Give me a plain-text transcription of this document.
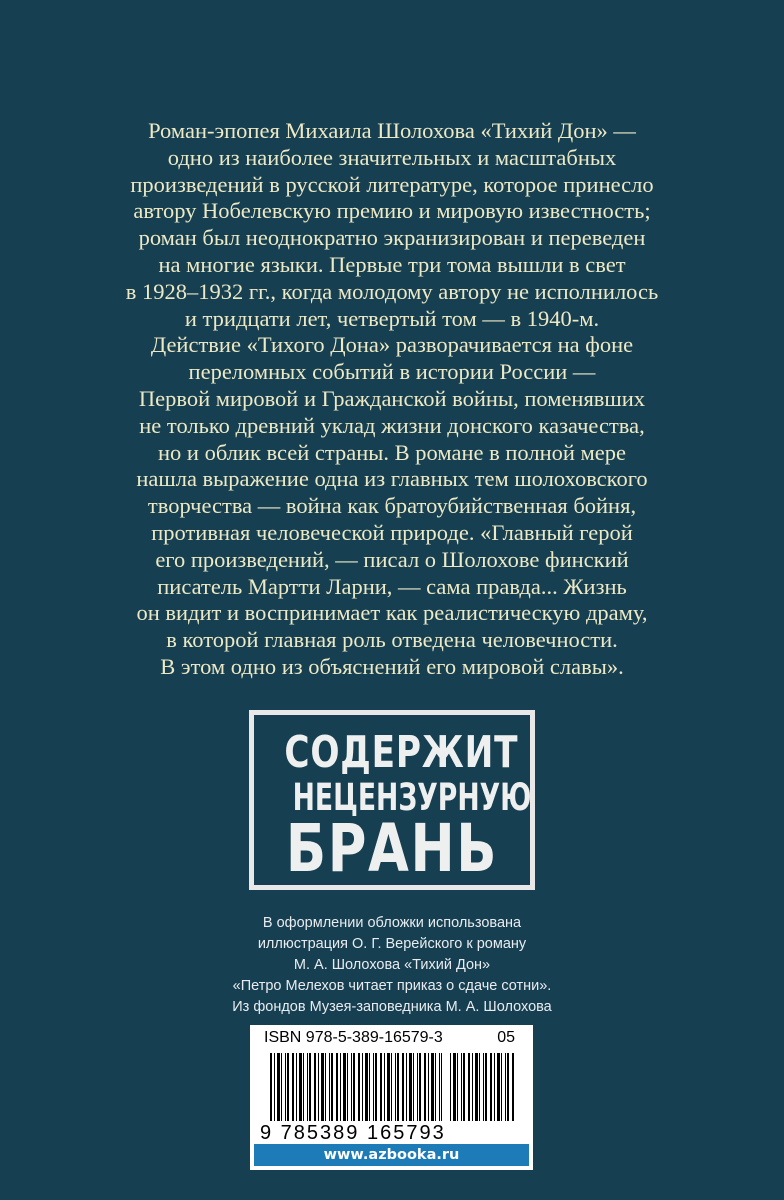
Роман-эпопея Михаила Шолохова «Тихий Дон» —
одно из наиболее значительных и масштабных
произведений в русской литературе, которое принесло
автору Нобелевскую премию и мировую известность;
роман был неоднократно экранизирован и переведен
на многие языки. Первые три тома вышли в свет
в 1928–1932 гг., когда молодому автору не исполнилось
и тридцати лет, четвертый том — в 1940-м.
Действие «Тихого Дона» разворачивается на фоне
переломных событий в истории России —
Первой мировой и Гражданской войны, поменявших
не только древний уклад жизни донского казачества,
но и облик всей страны. В романе в полной мере
нашла выражение одна из главных тем шолоховского
творчества — война как братоубийственная бойня,
противная человеческой природе. «Главный герой
его произведений, — писал о Шолохове финский
писатель Мартти Ларни, — сама правда... Жизнь
он видит и воспринимает как реалистическую драму,
в которой главная роль отведена человечности.
В этом одно из объяснений его мировой славы».
СОДЕРЖИТ
НЕЦЕНЗУРНУЮ
БРАНЬ
В оформлении обложки использована
иллюстрация О. Г. Верейского к роману
М. А. Шолохова «Тихий Дон»
«Петро Мелехов читает приказ о сдаче сотни».
Из фондов Музея-заповедника М. А. Шолохова
ISBN 978-5-389-16579-3	05
9 785389 165793
www.azbooka.ru
